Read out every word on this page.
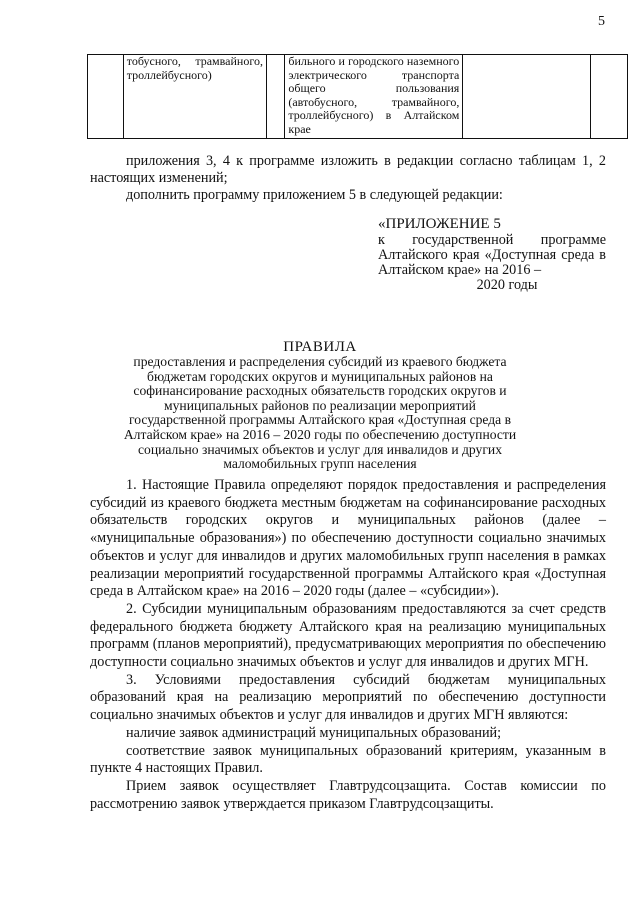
5
	тобусного, трамвайного, троллейбусного)		бильного и городского наземного электрического транспорта общего пользования (автобусного, трамвайного, троллейбусного) в Алтайском крае		
приложения 3, 4 к программе изложить в редакции согласно таблицам 1, 2 настоящих изменений;
дополнить программу приложением 5 в следующей редакции:
«ПРИЛОЖЕНИЕ 5
к государственной программе Алтайского края «Доступная среда в Алтайском крае» на 2016 –
2020 годы
ПРАВИЛА
предоставления и распределения субсидий из краевого бюджета бюджетам городских округов и муниципальных районов на софинансирование расходных обязательств городских округов и муниципальных районов по реализации мероприятий государственной программы Алтайского края «Доступная среда в Алтайском крае» на 2016 – 2020 годы по обеспечению доступности социально значимых объектов и услуг для инвалидов и других маломобильных групп населения

1. Настоящие Правила определяют порядок предоставления и распределения субсидий из краевого бюджета местным бюджетам на софинансирование расходных обязательств городских округов и муниципальных районов (далее – «муниципальные образования») по обеспечению доступности социально значимых объектов и услуг для инвалидов и других маломобильных групп населения в рамках реализации мероприятий государственной программы Алтайского края «Доступная среда в Алтайском крае» на 2016 – 2020 годы (далее – «субсидии»).

2. Субсидии муниципальным образованиям предоставляются за счет средств федерального бюджета бюджету Алтайского края на реализацию муниципальных программ (планов мероприятий), предусматривающих мероприятия по обеспечению доступности социально значимых объектов и услуг для инвалидов и других МГН.

3. Условиями предоставления субсидий бюджетам муниципальных образований края на реализацию мероприятий по обеспечению доступности социально значимых объектов и услуг для инвалидов и других МГН являются:

наличие заявок администраций муниципальных образований;

соответствие заявок муниципальных образований критериям, указанным в пункте 4 настоящих Правил.

Прием заявок осуществляет Главтрудсоцзащита. Состав комиссии по рассмотрению заявок утверждается приказом Главтрудсоцзащиты.
